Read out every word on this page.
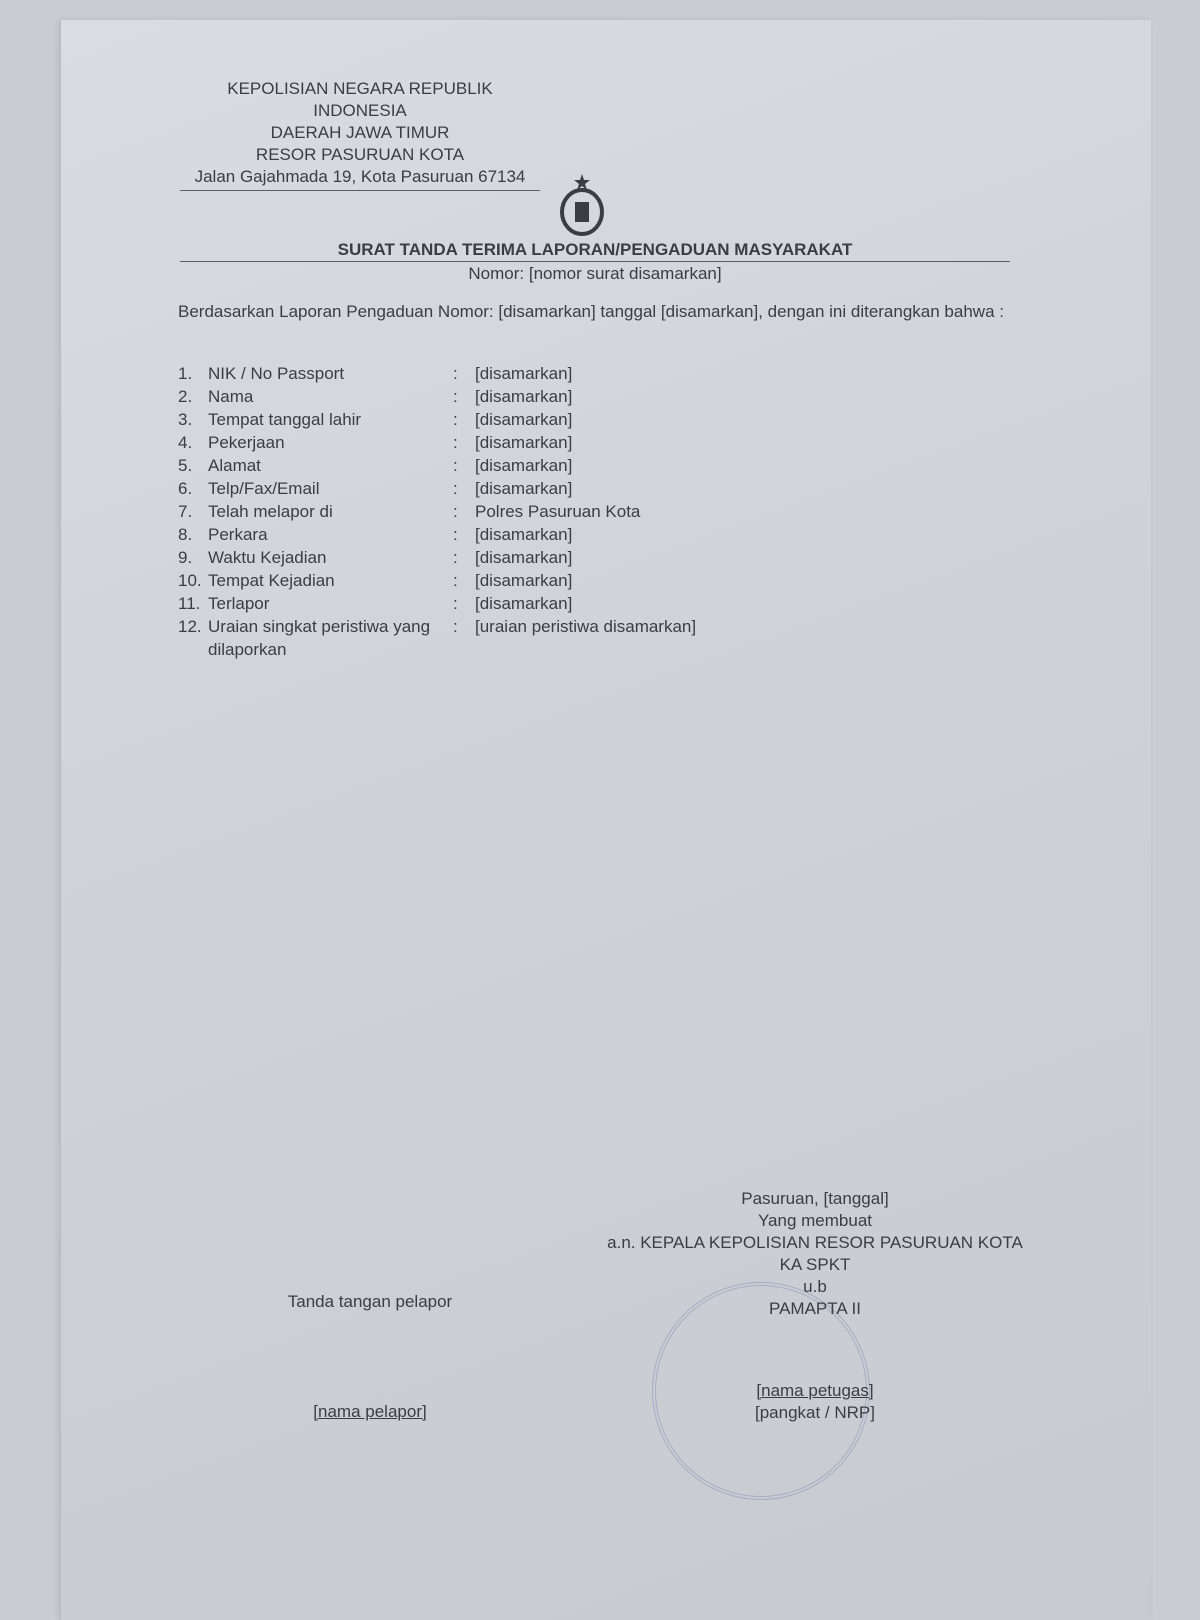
KEPOLISIAN NEGARA REPUBLIK INDONESIA
DAERAH JAWA TIMUR
RESOR PASURUAN KOTA
Jalan Gajahmada 19, Kota Pasuruan 67134
SURAT TANDA TERIMA LAPORAN/PENGADUAN MASYARAKAT
Nomor: [nomor surat disamarkan]
Berdasarkan Laporan Pengaduan Nomor: [disamarkan] tanggal [disamarkan], dengan ini diterangkan bahwa :
1. NIK / No Passport	:	[disamarkan]
2. Nama	:	[disamarkan]
3. Tempat tanggal lahir	:	[disamarkan]
4. Pekerjaan	:	[disamarkan]
5. Alamat	:	[disamarkan]
6. Telp/Fax/Email	:	[disamarkan]
7. Telah melapor di	:	Polres Pasuruan Kota
8. Perkara	:	[disamarkan]
9. Waktu Kejadian	:	[disamarkan]
10. Tempat Kejadian	:	[disamarkan]
11. Terlapor	:	[disamarkan]
12. Uraian singkat peristiwa yang dilaporkan
:	[uraian peristiwa disamarkan]
Pasuruan, [tanggal]
Yang membuat
a.n. KEPALA KEPOLISIAN RESOR PASURUAN KOTA
KA SPKT
u.b
PAMAPTA II
[nama petugas]
[pangkat / NRP]
Tanda tangan pelapor
[nama pelapor]
